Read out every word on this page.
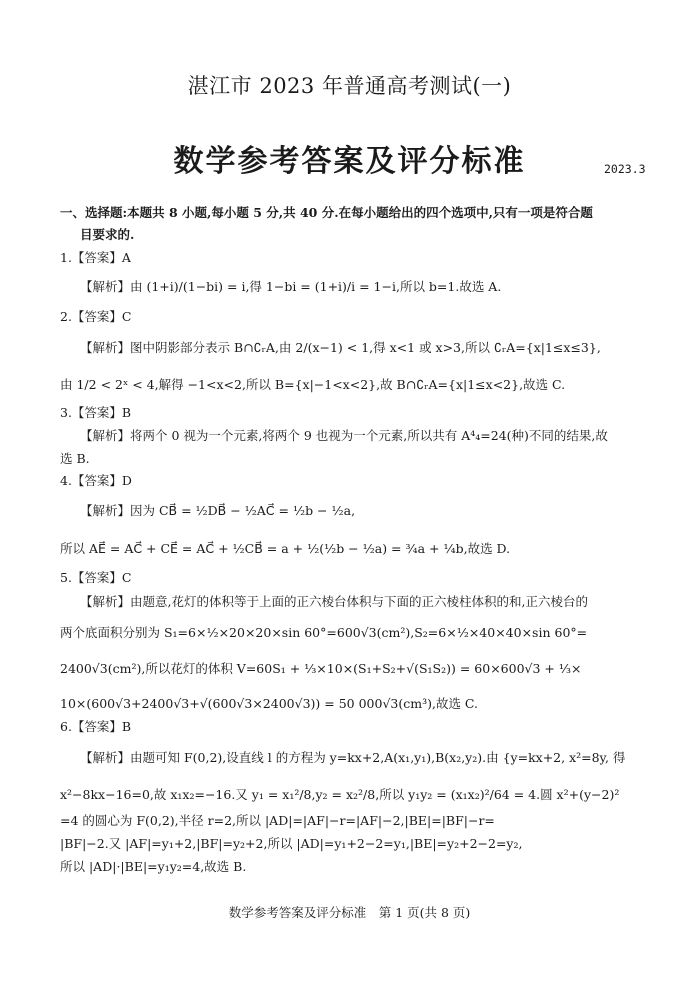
湛江市 2023 年普通高考测试(一)
数学参考答案及评分标准	2023.3
一、选择题:本题共 8 小题,每小题 5 分,共 40 分.在每小题给出的四个选项中,只有一项是符合题
目要求的.
1.【答案】A
【解析】由 (1+i)/(1−bi) = i,得 1−bi = (1+i)/i = 1−i,所以 b=1.故选 A.
2.【答案】C
【解析】图中阴影部分表示 B∩∁ᵣA,由 2/(x−1) < 1,得 x<1 或 x>3,所以 ∁ᵣA={x|1≤x≤3},
由 1/2 < 2ˣ < 4,解得 −1<x<2,所以 B={x|−1<x<2},故 B∩∁ᵣA={x|1≤x<2},故选 C.
3.【答案】B
【解析】将两个 0 视为一个元素,将两个 9 也视为一个元素,所以共有 A⁴₄=24(种)不同的结果,故
选 B.
4.【答案】D
【解析】因为 CB⃗ = ½DB⃗ − ½AC⃗ = ½b − ½a,
所以 AE⃗ = AC⃗ + CE⃗ = AC⃗ + ½CB⃗ = a + ½(½b − ½a) = ¾a + ¼b,故选 D.
5.【答案】C
【解析】由题意,花灯的体积等于上面的正六棱台体积与下面的正六棱柱体积的和,正六棱台的
两个底面积分别为 S₁=6×½×20×20×sin 60°=600√3(cm²),S₂=6×½×40×40×sin 60°=
2400√3(cm²),所以花灯的体积 V=60S₁ + ⅓×10×(S₁+S₂+√(S₁S₂)) = 60×600√3 + ⅓×
10×(600√3+2400√3+√(600√3×2400√3)) = 50 000√3(cm³),故选 C.
6.【答案】B
【解析】由题可知 F(0,2),设直线 l 的方程为 y=kx+2,A(x₁,y₁),B(x₂,y₂).由 {y=kx+2, x²=8y, 得
x²−8kx−16=0,故 x₁x₂=−16.又 y₁ = x₁²/8,y₂ = x₂²/8,所以 y₁y₂ = (x₁x₂)²/64 = 4.圆 x²+(y−2)²
=4 的圆心为 F(0,2),半径 r=2,所以 |AD|=|AF|−r=|AF|−2,|BE|=|BF|−r=
|BF|−2.又 |AF|=y₁+2,|BF|=y₂+2,所以 |AD|=y₁+2−2=y₁,|BE|=y₂+2−2=y₂,
所以 |AD|·|BE|=y₁y₂=4,故选 B.
数学参考答案及评分标准　第 1 页(共 8 页)
